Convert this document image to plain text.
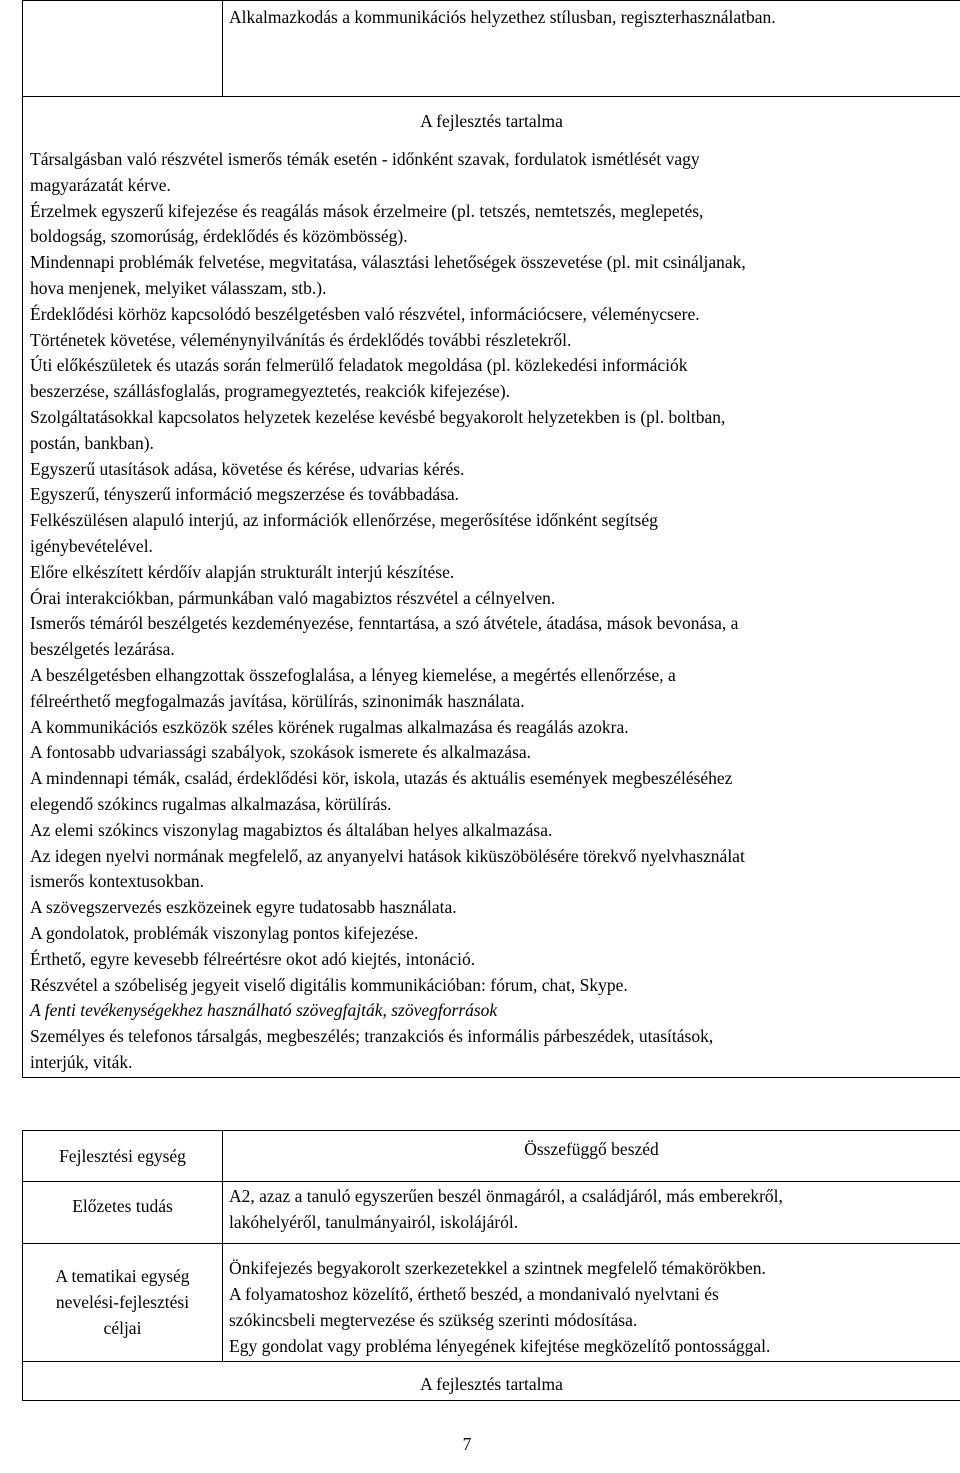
Alkalmazkodás a kommunikációs helyzethez stílusban, regiszterhasználatban.
A fejlesztés tartalma
Társalgásban való részvétel ismerős témák esetén - időnként szavak, fordulatok ismétlését vagy
magyarázatát kérve.
Érzelmek egyszerű kifejezése és reagálás mások érzelmeire (pl. tetszés, nemtetszés, meglepetés,
boldogság, szomorúság, érdeklődés és közömbösség).
Mindennapi problémák felvetése, megvitatása, választási lehetőségek összevetése (pl. mit csináljanak,
hova menjenek, melyiket válasszam, stb.).
Érdeklődési körhöz kapcsolódó beszélgetésben való részvétel, információcsere, véleménycsere.
Történetek követése, véleménynyilvánítás és érdeklődés további részletekről.
Úti előkészületek és utazás során felmerülő feladatok megoldása (pl. közlekedési információk
beszerzése, szállásfoglalás, programegyeztetés, reakciók kifejezése).
Szolgáltatásokkal kapcsolatos helyzetek kezelése kevésbé begyakorolt helyzetekben is (pl. boltban,
postán, bankban).
Egyszerű utasítások adása, követése és kérése, udvarias kérés.
Egyszerű, tényszerű információ megszerzése és továbbadása.
Felkészülésen alapuló interjú, az információk ellenőrzése, megerősítése időnként segítség
igénybevételével.
Előre elkészített kérdőív alapján strukturált interjú készítése.
Órai interakciókban, pármunkában való magabiztos részvétel a célnyelven.
Ismerős témáról beszélgetés kezdeményezése, fenntartása, a szó átvétele, átadása, mások bevonása, a
beszélgetés lezárása.
A beszélgetésben elhangzottak összefoglalása, a lényeg kiemelése, a megértés ellenőrzése, a
félreérthető megfogalmazás javítása, körülírás, szinonimák használata.
A kommunikációs eszközök széles körének rugalmas alkalmazása és reagálás azokra.
A fontosabb udvariassági szabályok, szokások ismerete és alkalmazása.
A mindennapi témák, család, érdeklődési kör, iskola, utazás és aktuális események megbeszéléséhez
elegendő szókincs rugalmas alkalmazása, körülírás.
Az elemi szókincs viszonylag magabiztos és általában helyes alkalmazása.
Az idegen nyelvi normának megfelelő, az anyanyelvi hatások kiküszöbölésére törekvő nyelvhasználat
ismerős kontextusokban.
A szövegszervezés eszközeinek egyre tudatosabb használata.
A gondolatok, problémák viszonylag pontos kifejezése.
Érthető, egyre kevesebb félreértésre okot adó kiejtés, intonáció.
Részvétel a szóbeliség jegyeit viselő digitális kommunikációban: fórum, chat, Skype.
A fenti tevékenységekhez használható szövegfajták, szövegforrások
Személyes és telefonos társalgás, megbeszélés; tranzakciós és informális párbeszédek, utasítások,
interjúk, viták.
Fejlesztési egység	Összefüggő beszéd
Előzetes tudás	A2, azaz a tanuló egyszerűen beszél önmagáról, a családjáról, más emberekről,
lakóhelyéről, tanulmányairól, iskolájáról.
A tematikai egység
nevelési-fejlesztési
céljai
Önkifejezés begyakorolt szerkezetekkel a szintnek megfelelő témakörökben.
A folyamatoshoz közelítő, érthető beszéd, a mondanivaló nyelvtani és
szókincsbeli megtervezése és szükség szerinti módosítása.
Egy gondolat vagy probléma lényegének kifejtése megközelítő pontossággal.
A fejlesztés tartalma
7
